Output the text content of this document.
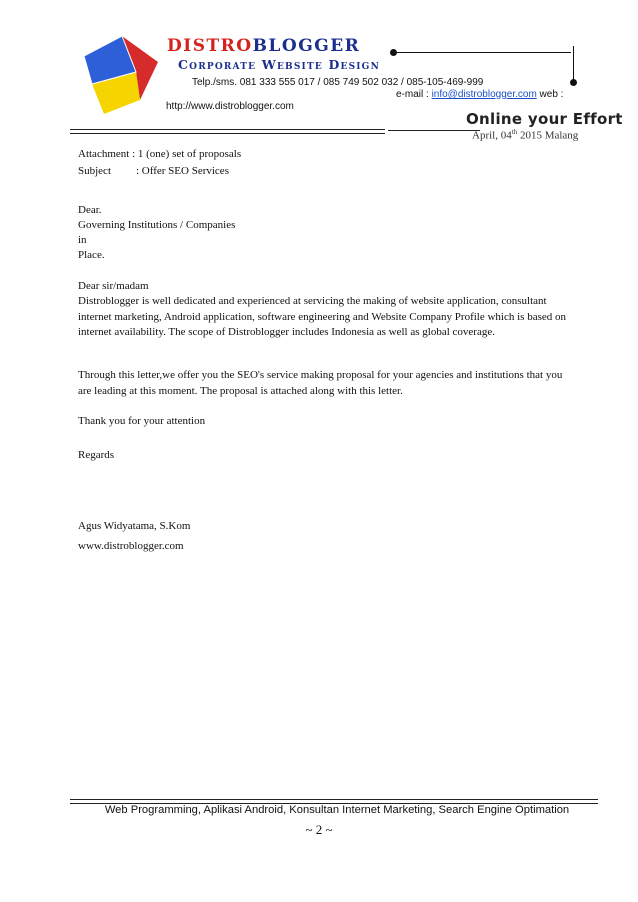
DISTROBLOGGER
Corporate Website Design
Telp./sms. 081 333 555 017 / 085 749 502 032 / 085-105-469-999
e-mail : info@distroblogger.com web :
http://www.distroblogger.com
Online your Effort
April, 04th 2015 Malang
Attachment : 1 (one) set of proposals
Subject : Offer SEO Services
Dear.
Governing Institutions / Companies
in
Place.
Dear sir/madam
Distroblogger is well dedicated and experienced at servicing the making of website application, consultant internet marketing, Android application, software engineering and Website Company Profile which is based on internet availability. The scope of Distroblogger includes Indonesia as well as global coverage.
Through this letter,we offer you the SEO's service making proposal for your agencies and institutions that you are leading at this moment. The proposal is attached along with this letter.
Thank you for your attention
Regards
Agus Widyatama, S.Kom
www.distroblogger.com
Web Programming, Aplikasi Android, Konsultan Internet Marketing, Search Engine Optimation
~ 2 ~
